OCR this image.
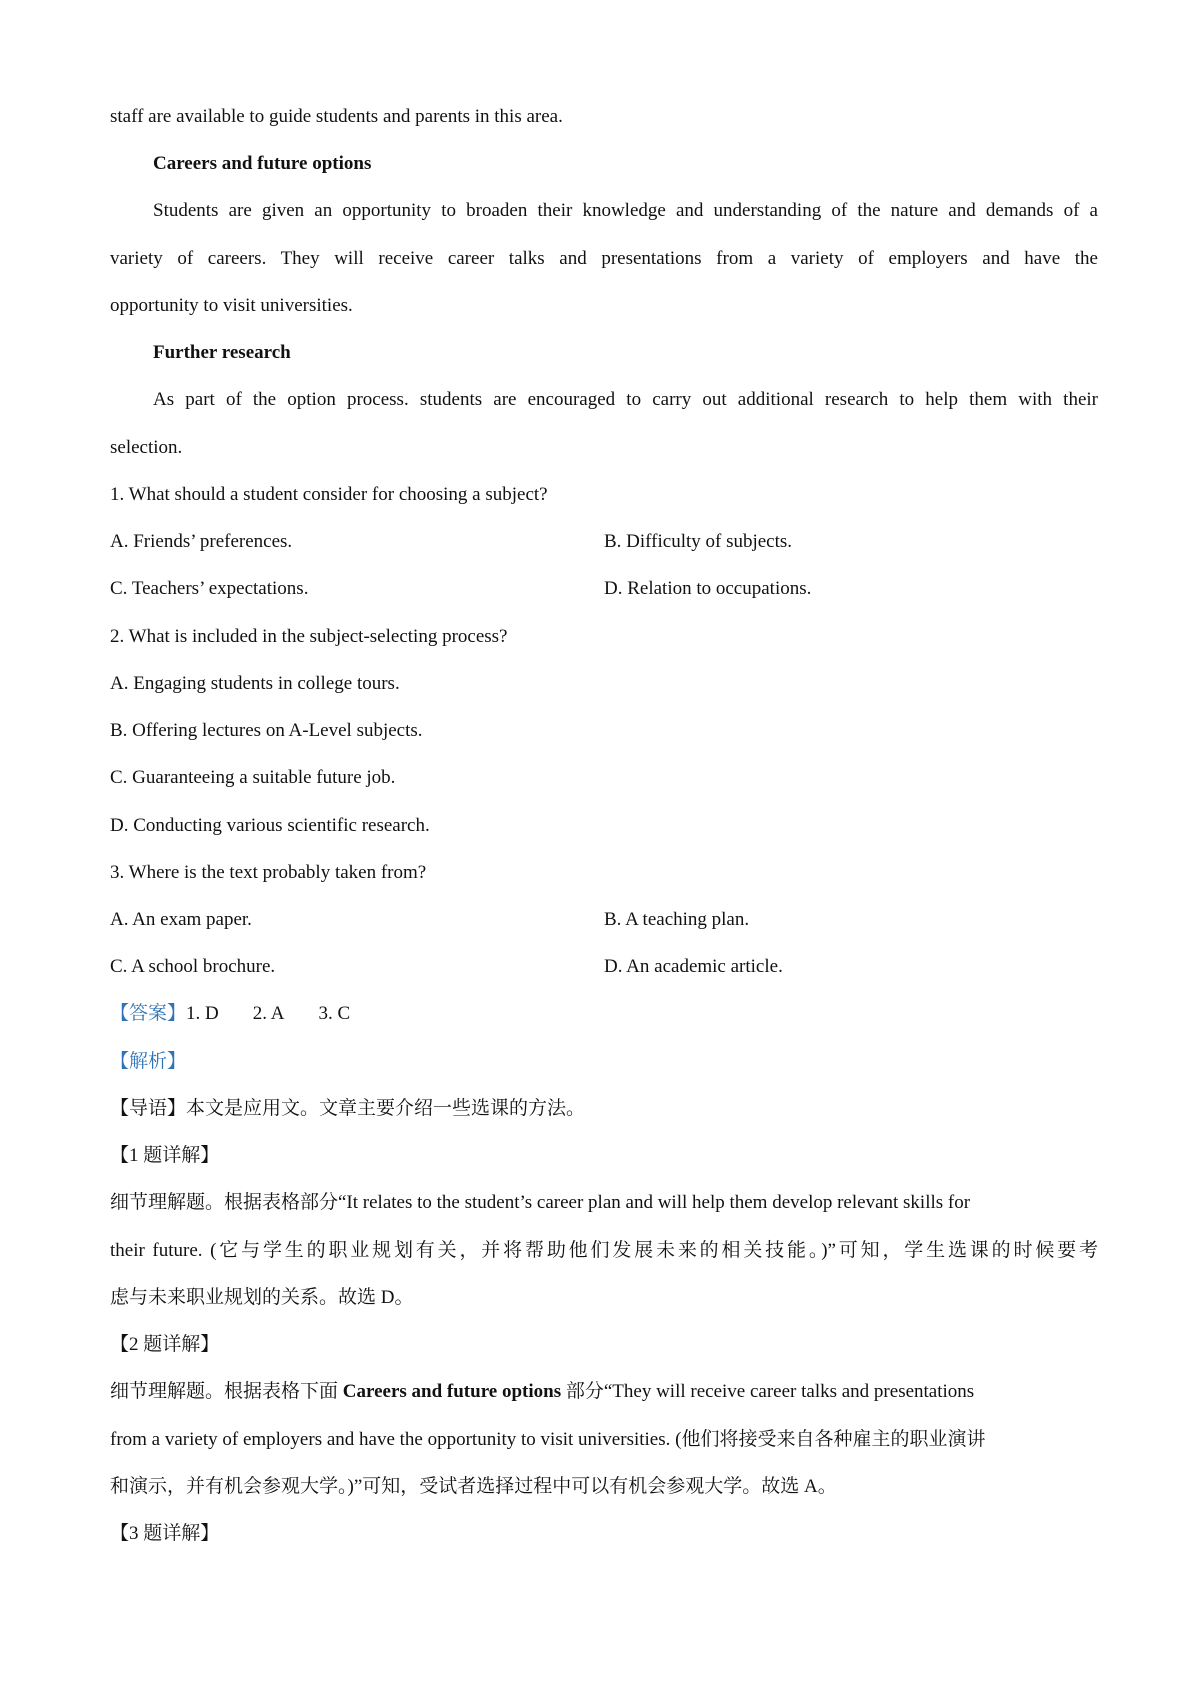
staff are available to guide students and parents in this area.
Careers and future options
Students are given an opportunity to broaden their knowledge and understanding of the nature and demands of a
variety of careers. They will receive career talks and presentations from a variety of employers and have the
opportunity to visit universities.
Further research
As part of the option process. students are encouraged to carry out additional research to help them with their
selection.
1. What should a student consider for choosing a subject?
A. Friends’ preferences.	B. Difficulty of subjects.
C. Teachers’ expectations.	D. Relation to occupations.
2. What is included in the subject-selecting process?
A. Engaging students in college tours.
B. Offering lectures on A-Level subjects.
C. Guaranteeing a suitable future job.
D. Conducting various scientific research.
3. Where is the text probably taken from?
A. An exam paper.	B. A teaching plan.
C. A school brochure.	D. An academic article.
【答案】1. D 2. A 3. C
【解析】
【导语】本文是应用文。文章主要介绍一些选课的方法。
【1 题详解】
细节理解题。根据表格部分“It relates to the student’s career plan and will help them develop relevant skills for
their future. (它与学生的职业规划有关，并将帮助他们发展未来的相关技能。)”可知，学生选课的时候要考
虑与未来职业规划的关系。故选 D。
【2 题详解】
细节理解题。根据表格下面 Careers and future options 部分“They will receive career talks and presentations
from a variety of employers and have the opportunity to visit universities. (他们将接受来自各种雇主的职业演讲
和演示，并有机会参观大学。)”可知，受试者选择过程中可以有机会参观大学。故选 A。
【3 题详解】
